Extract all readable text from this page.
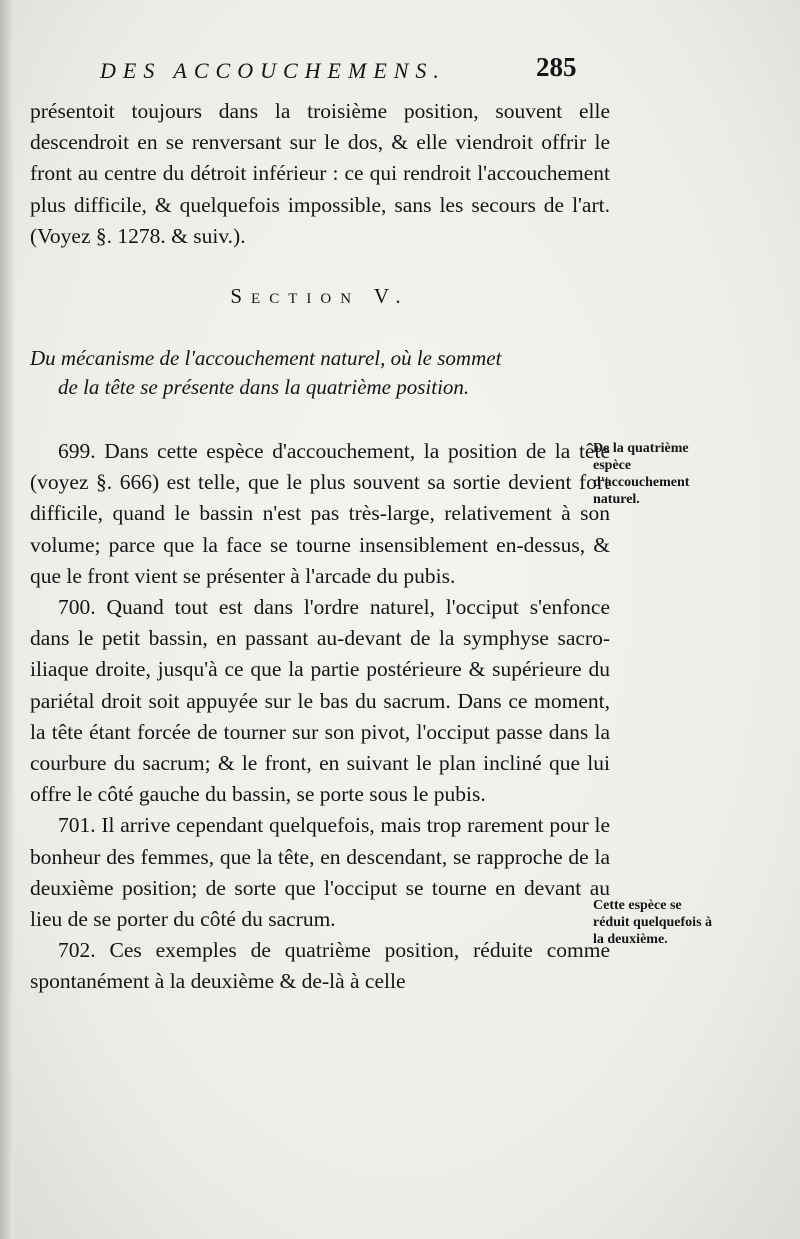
DES ACCOUCHEMENS.	285

présentoit toujours dans la troisième position, souvent elle descendroit en se renversant sur le dos, & elle viendroit offrir le front au centre du détroit inférieur : ce qui rendroit l'accouchement plus difficile, & quelquefois impossible, sans les secours de l'art. (Voyez §. 1278. & suiv.).

Section V.
Du mécanisme de l'accouchement naturel, où le sommet
de la tête se présente dans la quatrième position.

699. Dans cette espèce d'accouchement, la position de la tête (voyez §. 666) est telle, que le plus souvent sa sortie devient fort difficile, quand le bassin n'est pas très-large, relativement à son volume; parce que la face se tourne insensiblement en-dessus, & que le front vient se présenter à l'arcade du pubis.

700. Quand tout est dans l'ordre naturel, l'occiput s'enfonce dans le petit bassin, en passant au-devant de la symphyse sacro-iliaque droite, jusqu'à ce que la partie postérieure & supérieure du pariétal droit soit appuyée sur le bas du sacrum. Dans ce moment, la tête étant forcée de tourner sur son pivot, l'occiput passe dans la courbure du sacrum; & le front, en suivant le plan incliné que lui offre le côté gauche du bassin, se porte sous le pubis.

701. Il arrive cependant quelquefois, mais trop rarement pour le bonheur des femmes, que la tête, en descendant, se rapproche de la deuxième position; de sorte que l'occiput se tourne en devant au lieu de se porter du côté du sacrum.

702. Ces exemples de quatrième position, réduite comme spontanément à la deuxième & de-là à celle

De la quatrième espèce d'accouchement naturel.
Cette espèce se réduit quelquefois à la deuxième.
